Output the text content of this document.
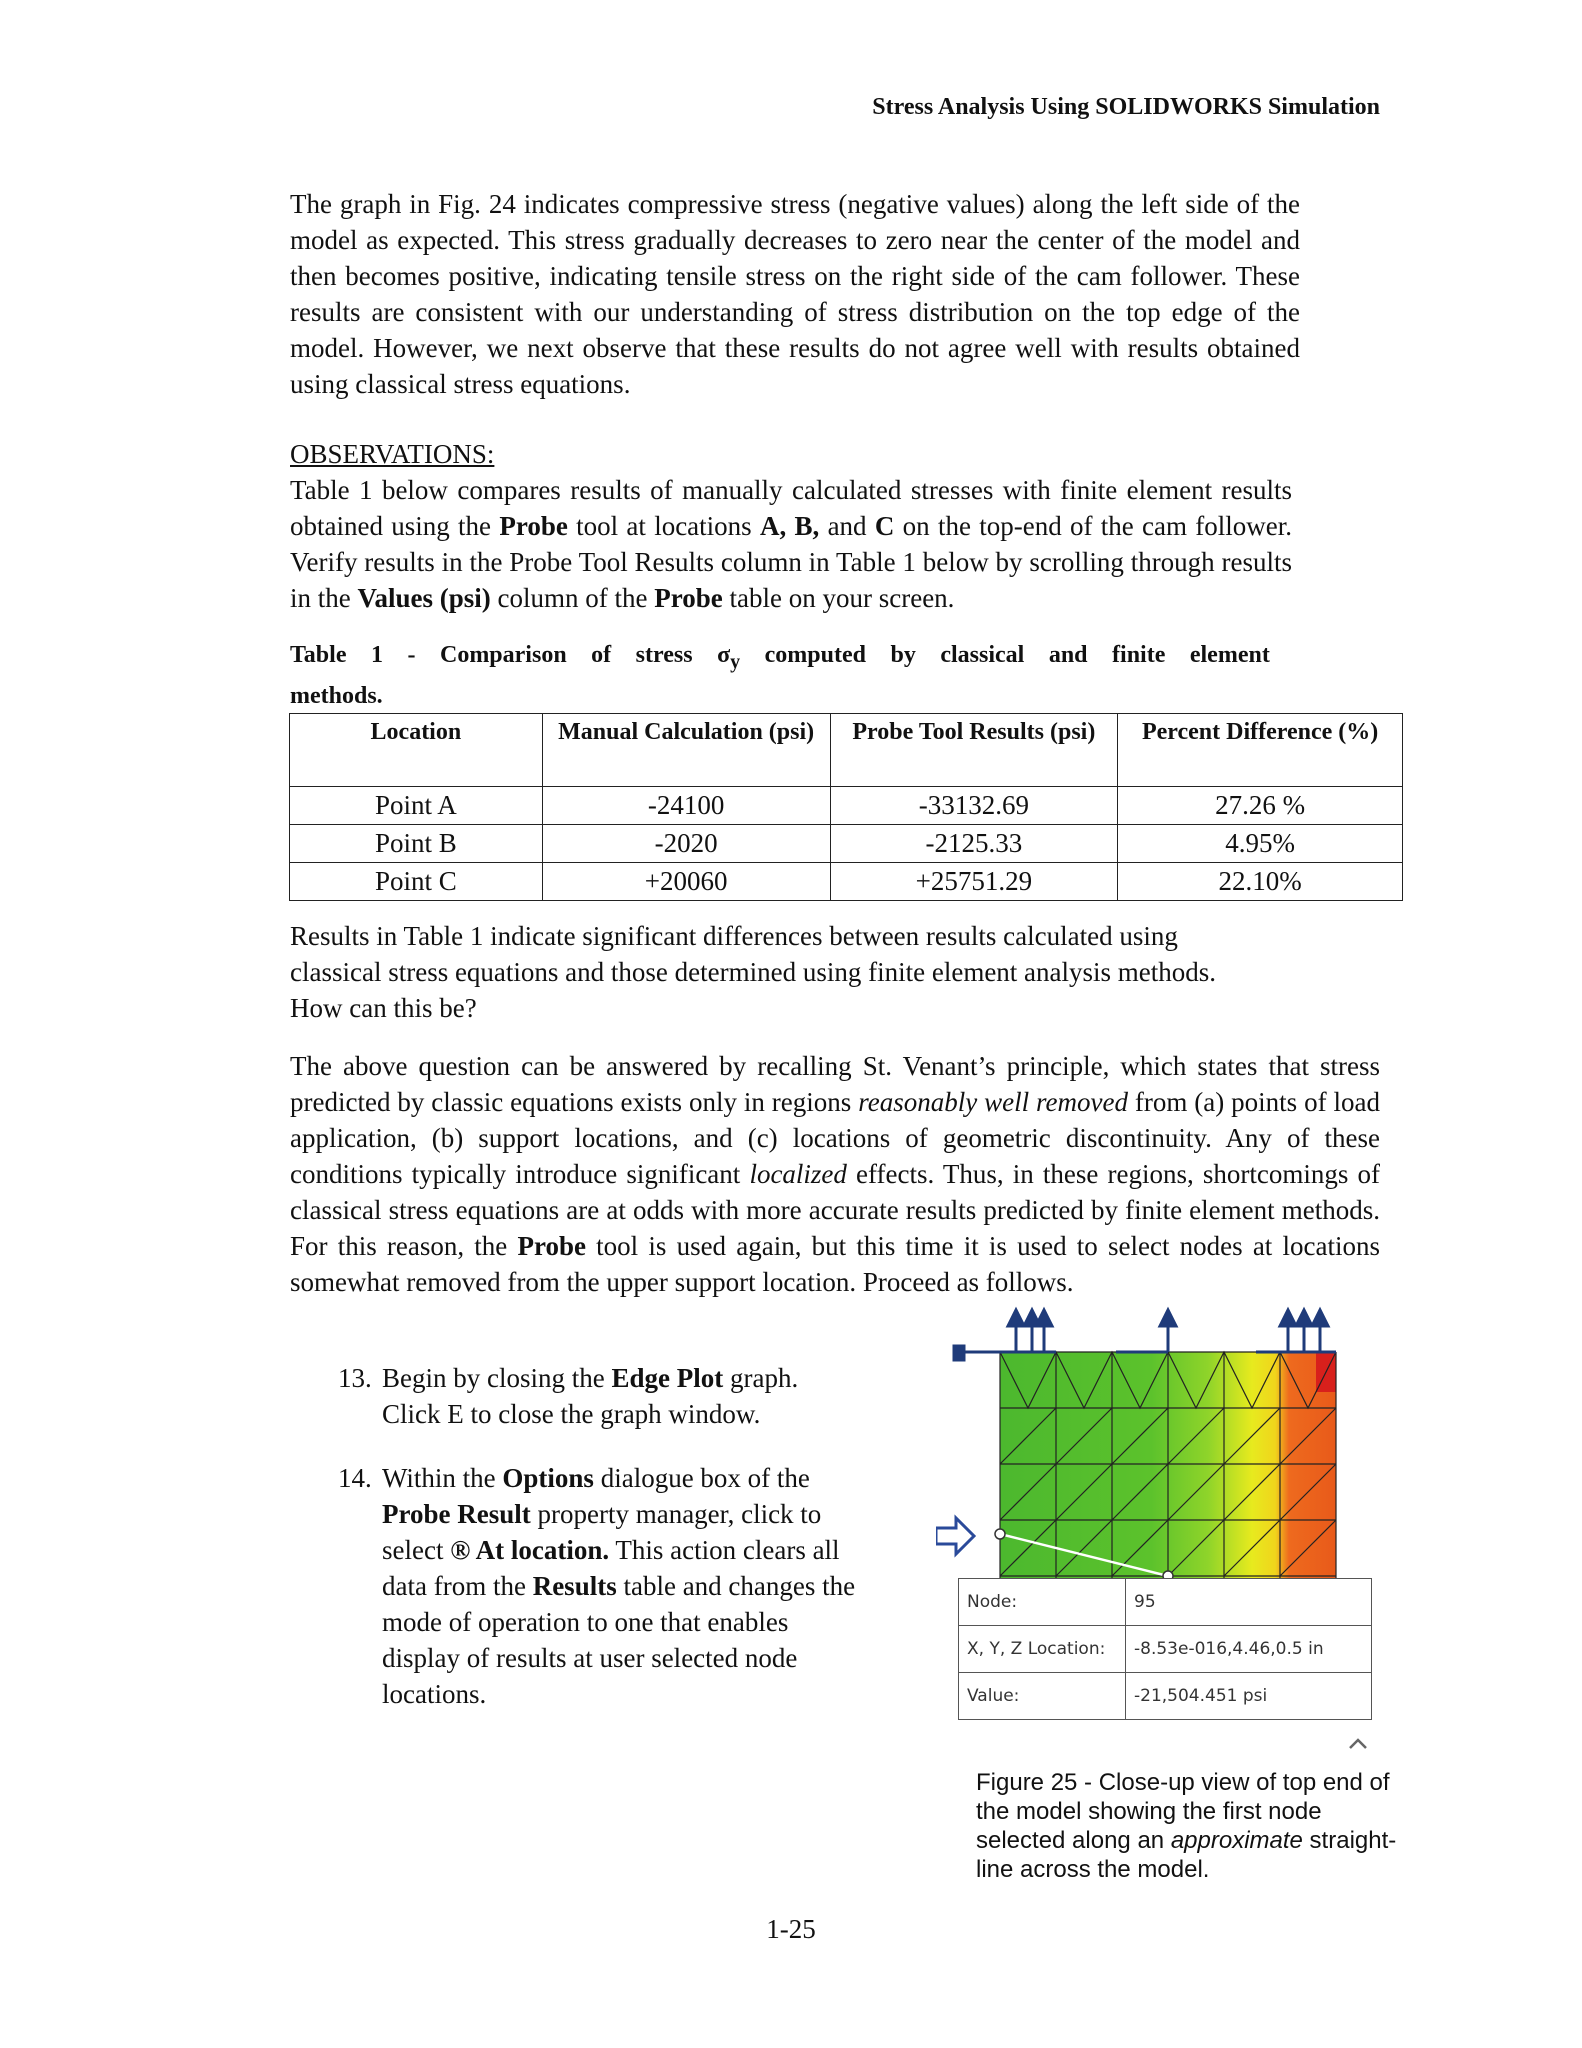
Stress Analysis Using SOLIDWORKS Simulation

The graph in Fig. 24 indicates compressive stress (negative values) along the left side of the model as expected. This stress gradually decreases to zero near the center of the model and then becomes positive, indicating tensile stress on the right side of the cam follower. These results are consistent with our understanding of stress distribution on the top edge of the model. However, we next observe that these results do not agree well with results obtained using classical stress equations.

OBSERVATIONS:

Table 1 below compares results of manually calculated stresses with finite element results obtained using the Probe tool at locations A, B, and C on the top-end of the cam follower. Verify results in the Probe Tool Results column in Table 1 below by scrolling through results in the Values (psi) column of the Probe table on your screen.

Table 1 - Comparison of stress $\sigma_y$ computed by classical and finite element
methods.
Location	Manual Calculation (psi)	Probe Tool Results (psi)	Percent Difference (%)
Point A	-24100	-33132.69	27.26 %
Point B	-2020	-2125.33	4.95%
Point C	+20060	+25751.29	22.10%

Results in Table 1 indicate significant differences between results calculated using classical stress equations and those determined using finite element analysis methods. How can this be?

The above question can be answered by recalling St. Venant’s principle, which states that stress predicted by classic equations exists only in regions reasonably well removed from (a) points of load application, (b) support locations, and (c) locations of geometric discontinuity. Any of these conditions typically introduce significant localized effects. Thus, in these regions, shortcomings of classical stress equations are at odds with more accurate results predicted by finite element methods. For this reason, the Probe tool is used again, but this time it is used to select nodes at locations somewhat removed from the upper support location. Proceed as follows.

13. Begin by closing the Edge Plot graph. Click E to close the graph window.
14. Within the Options dialogue box of the Probe Result property manager, click to select ® At location. This action clears all data from the Results table and changes the mode of operation to one that enables display of results at user selected node locations.
Node:	95
X, Y, Z Location:	-8.53e-016,4.46,0.5 in
Value:	-21,504.451 psi
Figure 25 - Close-up view of top end of the model showing the first node selected along an approximate straight-line across the model.
1-25
